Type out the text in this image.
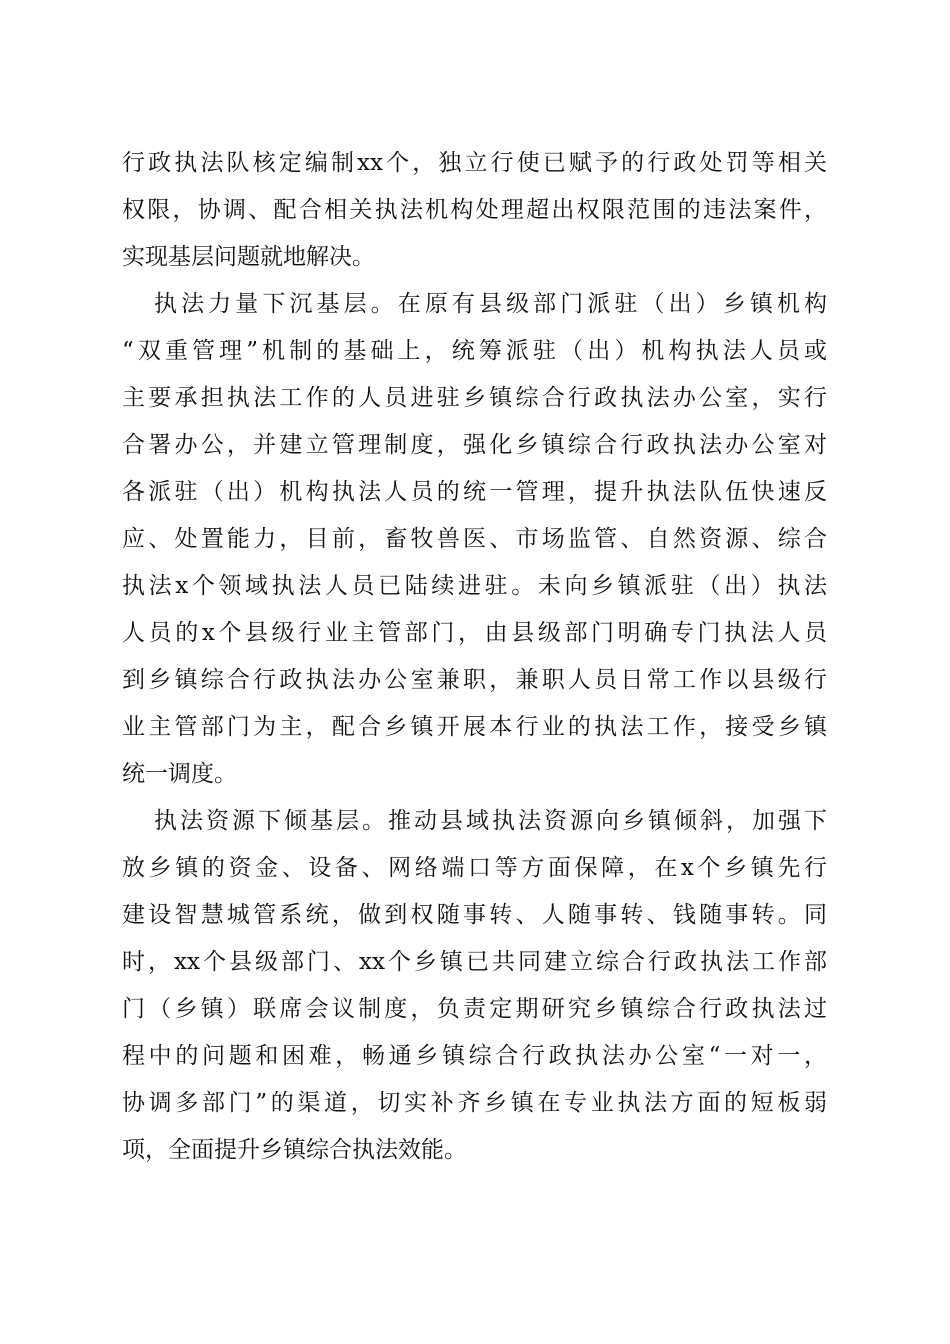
行政执法队核定编制xx个，独立行使已赋予的行政处罚等相关
权限，协调、配合相关执法机构处理超出权限范围的违法案件，
实现基层问题就地解决。
执法力量下沉基层。在原有县级部门派驻（出）乡镇机构
“双重管理”机制的基础上，统筹派驻（出）机构执法人员或
主要承担执法工作的人员进驻乡镇综合行政执法办公室，实行
合署办公，并建立管理制度，强化乡镇综合行政执法办公室对
各派驻（出）机构执法人员的统一管理，提升执法队伍快速反
应、处置能力，目前，畜牧兽医、市场监管、自然资源、综合
执法x个领域执法人员已陆续进驻。未向乡镇派驻（出）执法
人员的x个县级行业主管部门，由县级部门明确专门执法人员
到乡镇综合行政执法办公室兼职，兼职人员日常工作以县级行
业主管部门为主，配合乡镇开展本行业的执法工作，接受乡镇
统一调度。
执法资源下倾基层。推动县域执法资源向乡镇倾斜，加强下
放乡镇的资金、设备、网络端口等方面保障，在x个乡镇先行
建设智慧城管系统，做到权随事转、人随事转、钱随事转。同
时，xx个县级部门、xx个乡镇已共同建立综合行政执法工作部
门（乡镇）联席会议制度，负责定期研究乡镇综合行政执法过
程中的问题和困难，畅通乡镇综合行政执法办公室“一对一，
协调多部门”的渠道，切实补齐乡镇在专业执法方面的短板弱
项，全面提升乡镇综合执法效能。
